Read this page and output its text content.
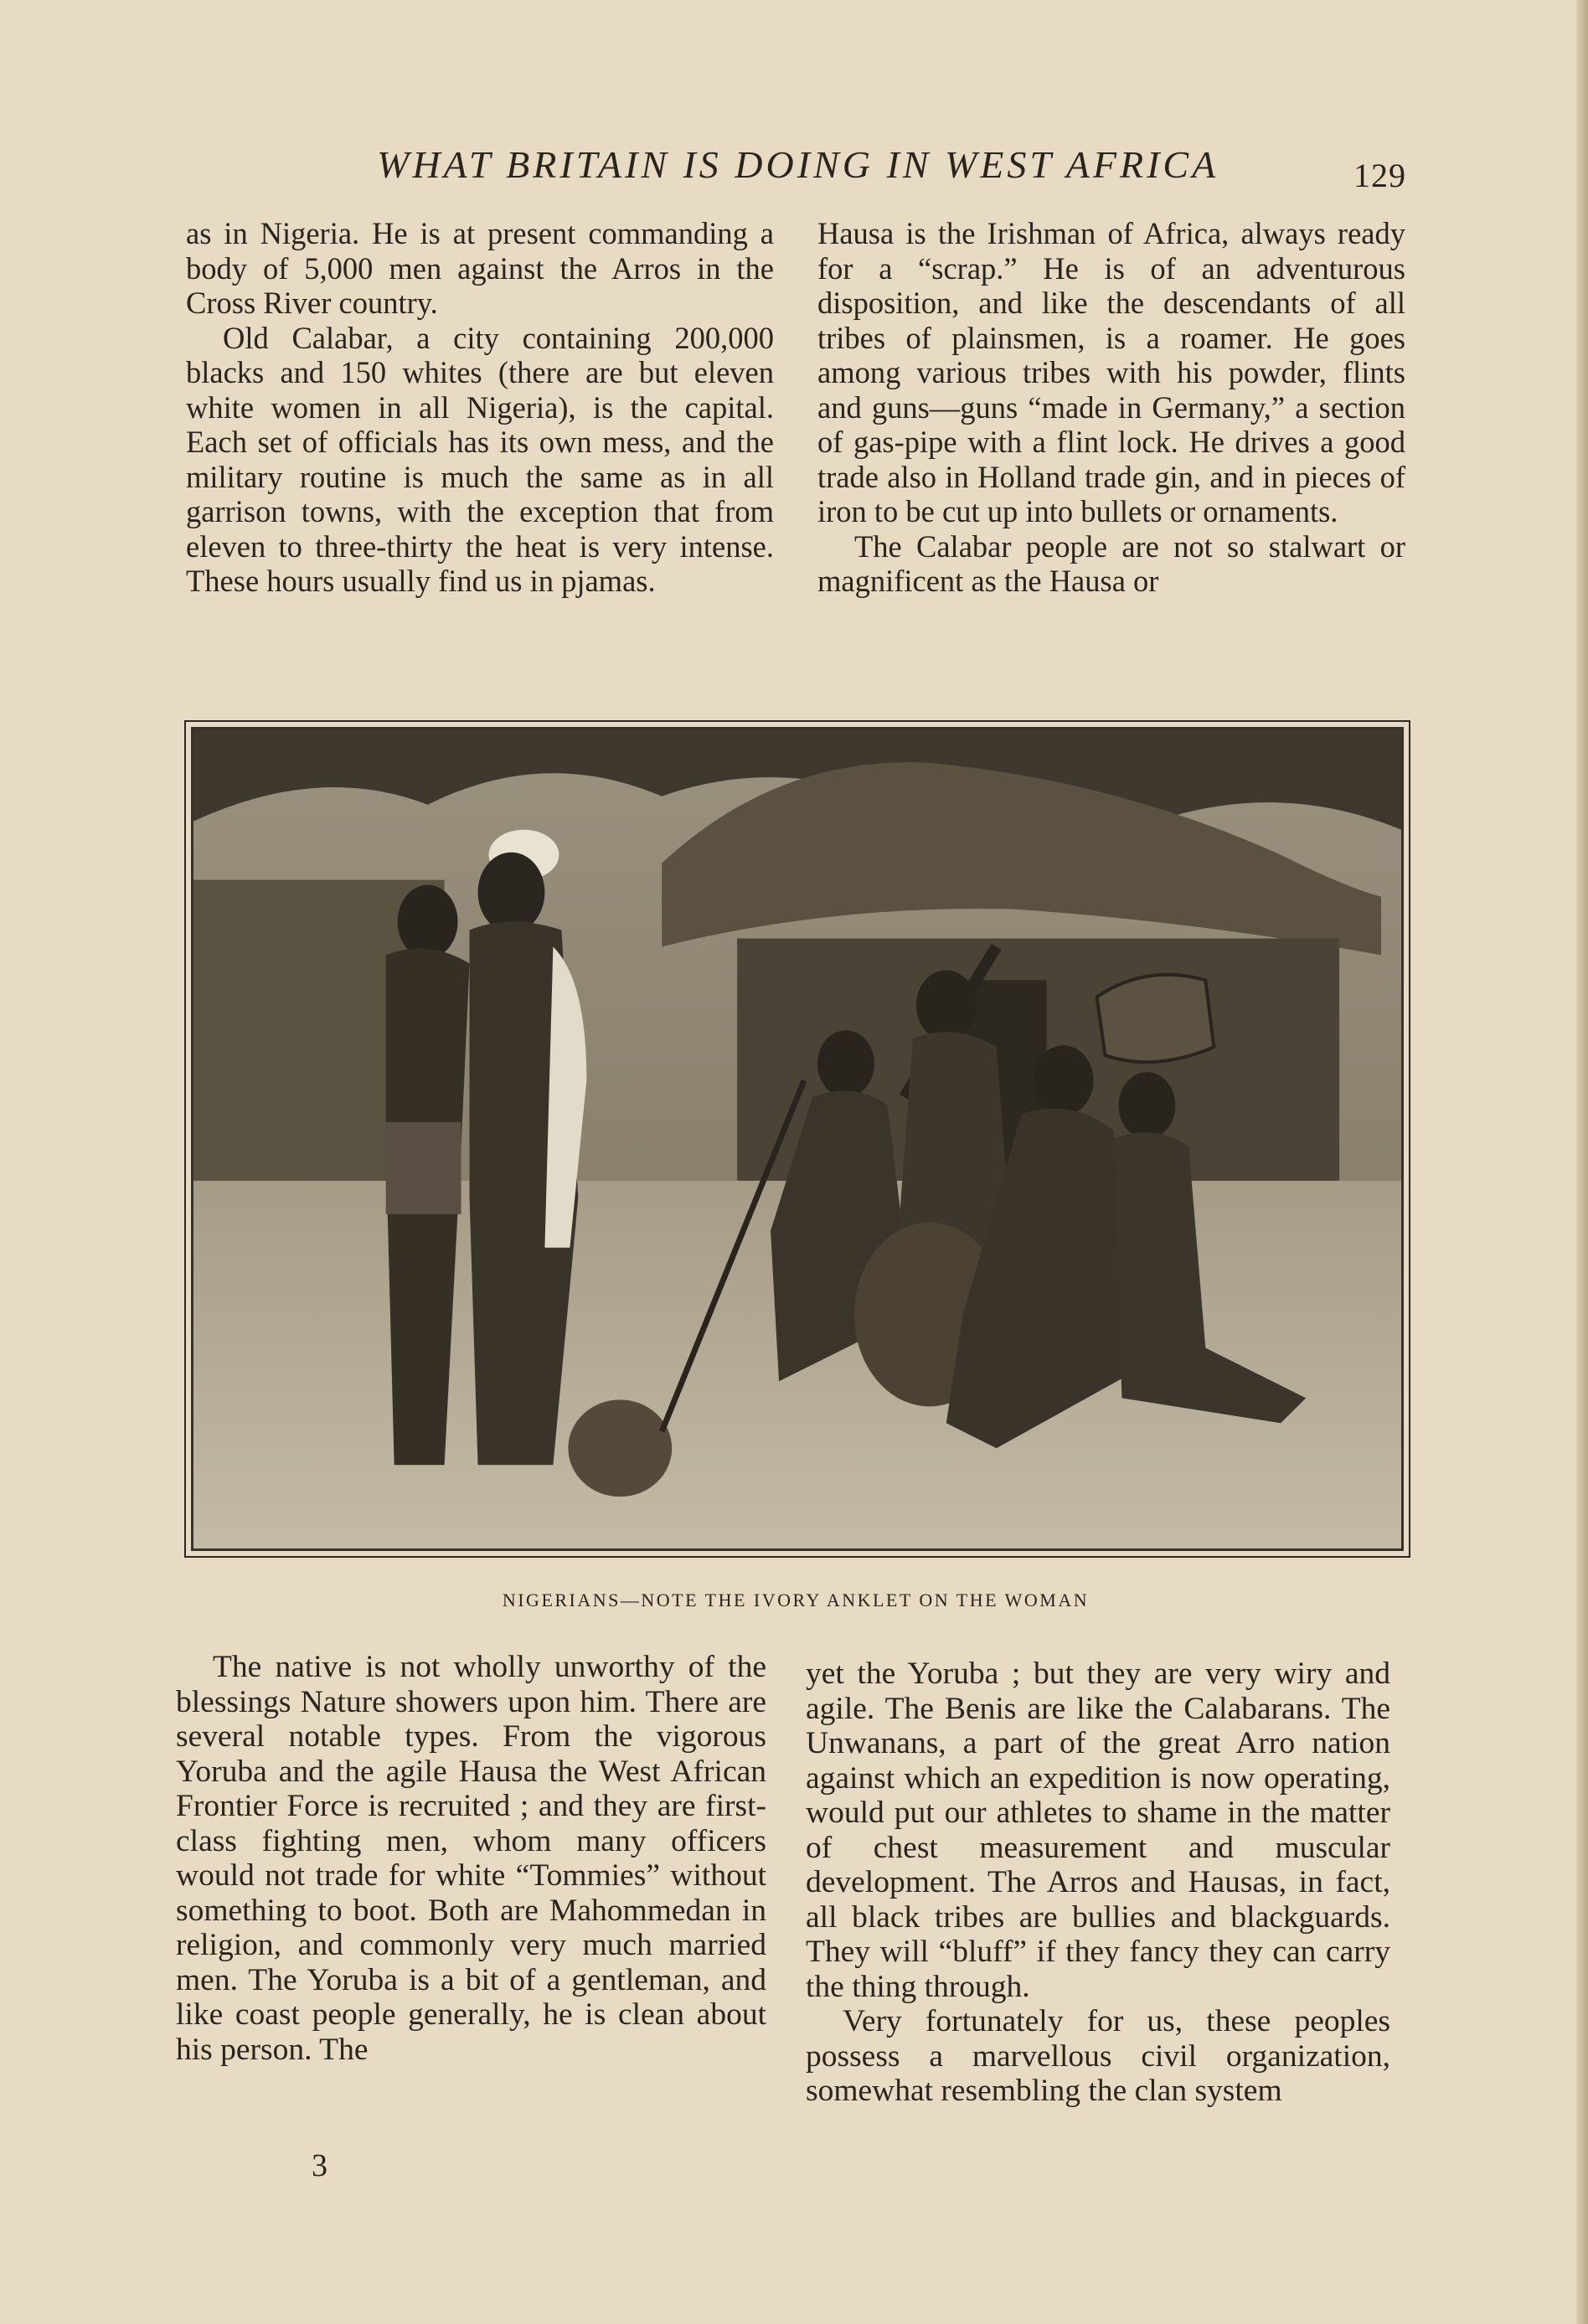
WHAT BRITAIN IS DOING IN WEST AFRICA	129

as in Nigeria. He is at present commanding a body of 5,000 men against the Arros in the Cross River country.

Old Calabar, a city containing 200,000 blacks and 150 whites (there are but eleven white women in all Nigeria), is the capital. Each set of officials has its own mess, and the military routine is much the same as in all garrison towns, with the exception that from eleven to three-thirty the heat is very intense. These hours usually find us in pjamas.

Hausa is the Irishman of Africa, always ready for a “scrap.” He is of an adventurous disposition, and like the descendants of all tribes of plainsmen, is a roamer. He goes among various tribes with his powder, flints and guns—guns “made in Germany,” a section of gas-pipe with a flint lock. He drives a good trade also in Holland trade gin, and in pieces of iron to be cut up into bullets or ornaments.

The Calabar people are not so stalwart or magnificent as the Hausa or

NIGERIANS—NOTE THE IVORY ANKLET ON THE WOMAN

The native is not wholly unworthy of the blessings Nature showers upon him. There are several notable types. From the vigorous Yoruba and the agile Hausa the West African Frontier Force is recruited ; and they are first-class fighting men, whom many officers would not trade for white “Tommies” without something to boot. Both are Mahommedan in religion, and commonly very much married men. The Yoruba is a bit of a gentleman, and like coast people generally, he is clean about his person. The

yet the Yoruba ; but they are very wiry and agile. The Benis are like the Calabarans. The Unwanans, a part of the great Arro nation against which an expedition is now operating, would put our athletes to shame in the matter of chest measurement and muscular development. The Arros and Hausas, in fact, all black tribes are bullies and blackguards. They will “bluff” if they fancy they can carry the thing through.

Very fortunately for us, these peoples possess a marvellous civil organization, somewhat resembling the clan system

3
